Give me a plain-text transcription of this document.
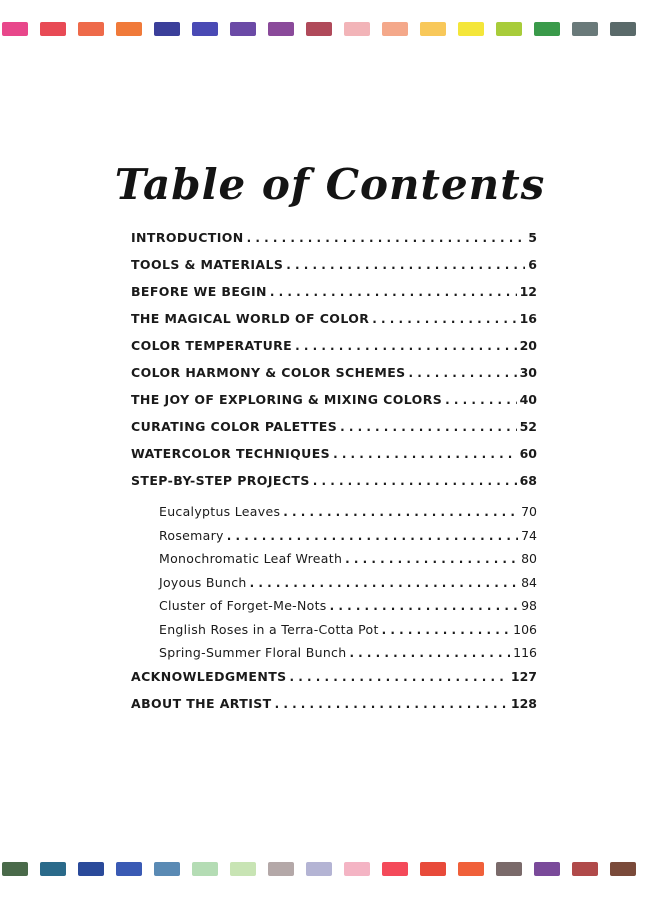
Table of Contents
INTRODUCTION . . .	5
TOOLS & MATERIALS . . .	6
BEFORE WE BEGIN . . .	12
THE MAGICAL WORLD OF COLOR . . .	16
COLOR TEMPERATURE . . .	20
COLOR HARMONY & COLOR SCHEMES . . .	30
THE JOY OF EXPLORING & MIXING COLORS . . .	40
CURATING COLOR PALETTES . . .	52
WATERCOLOR TECHNIQUES . . .	60
STEP-BY-STEP PROJECTS . . .	68
Eucalyptus Leaves . . .	70
Rosemary . . .	74
Monochromatic Leaf Wreath . . .	80
Joyous Bunch . . .	84
Cluster of Forget-Me-Nots . . .	98
English Roses in a Terra-Cotta Pot . . .	106
Spring-Summer Floral Bunch . . .	116
ACKNOWLEDGMENTS . . .	127
ABOUT THE ARTIST . . .	128
